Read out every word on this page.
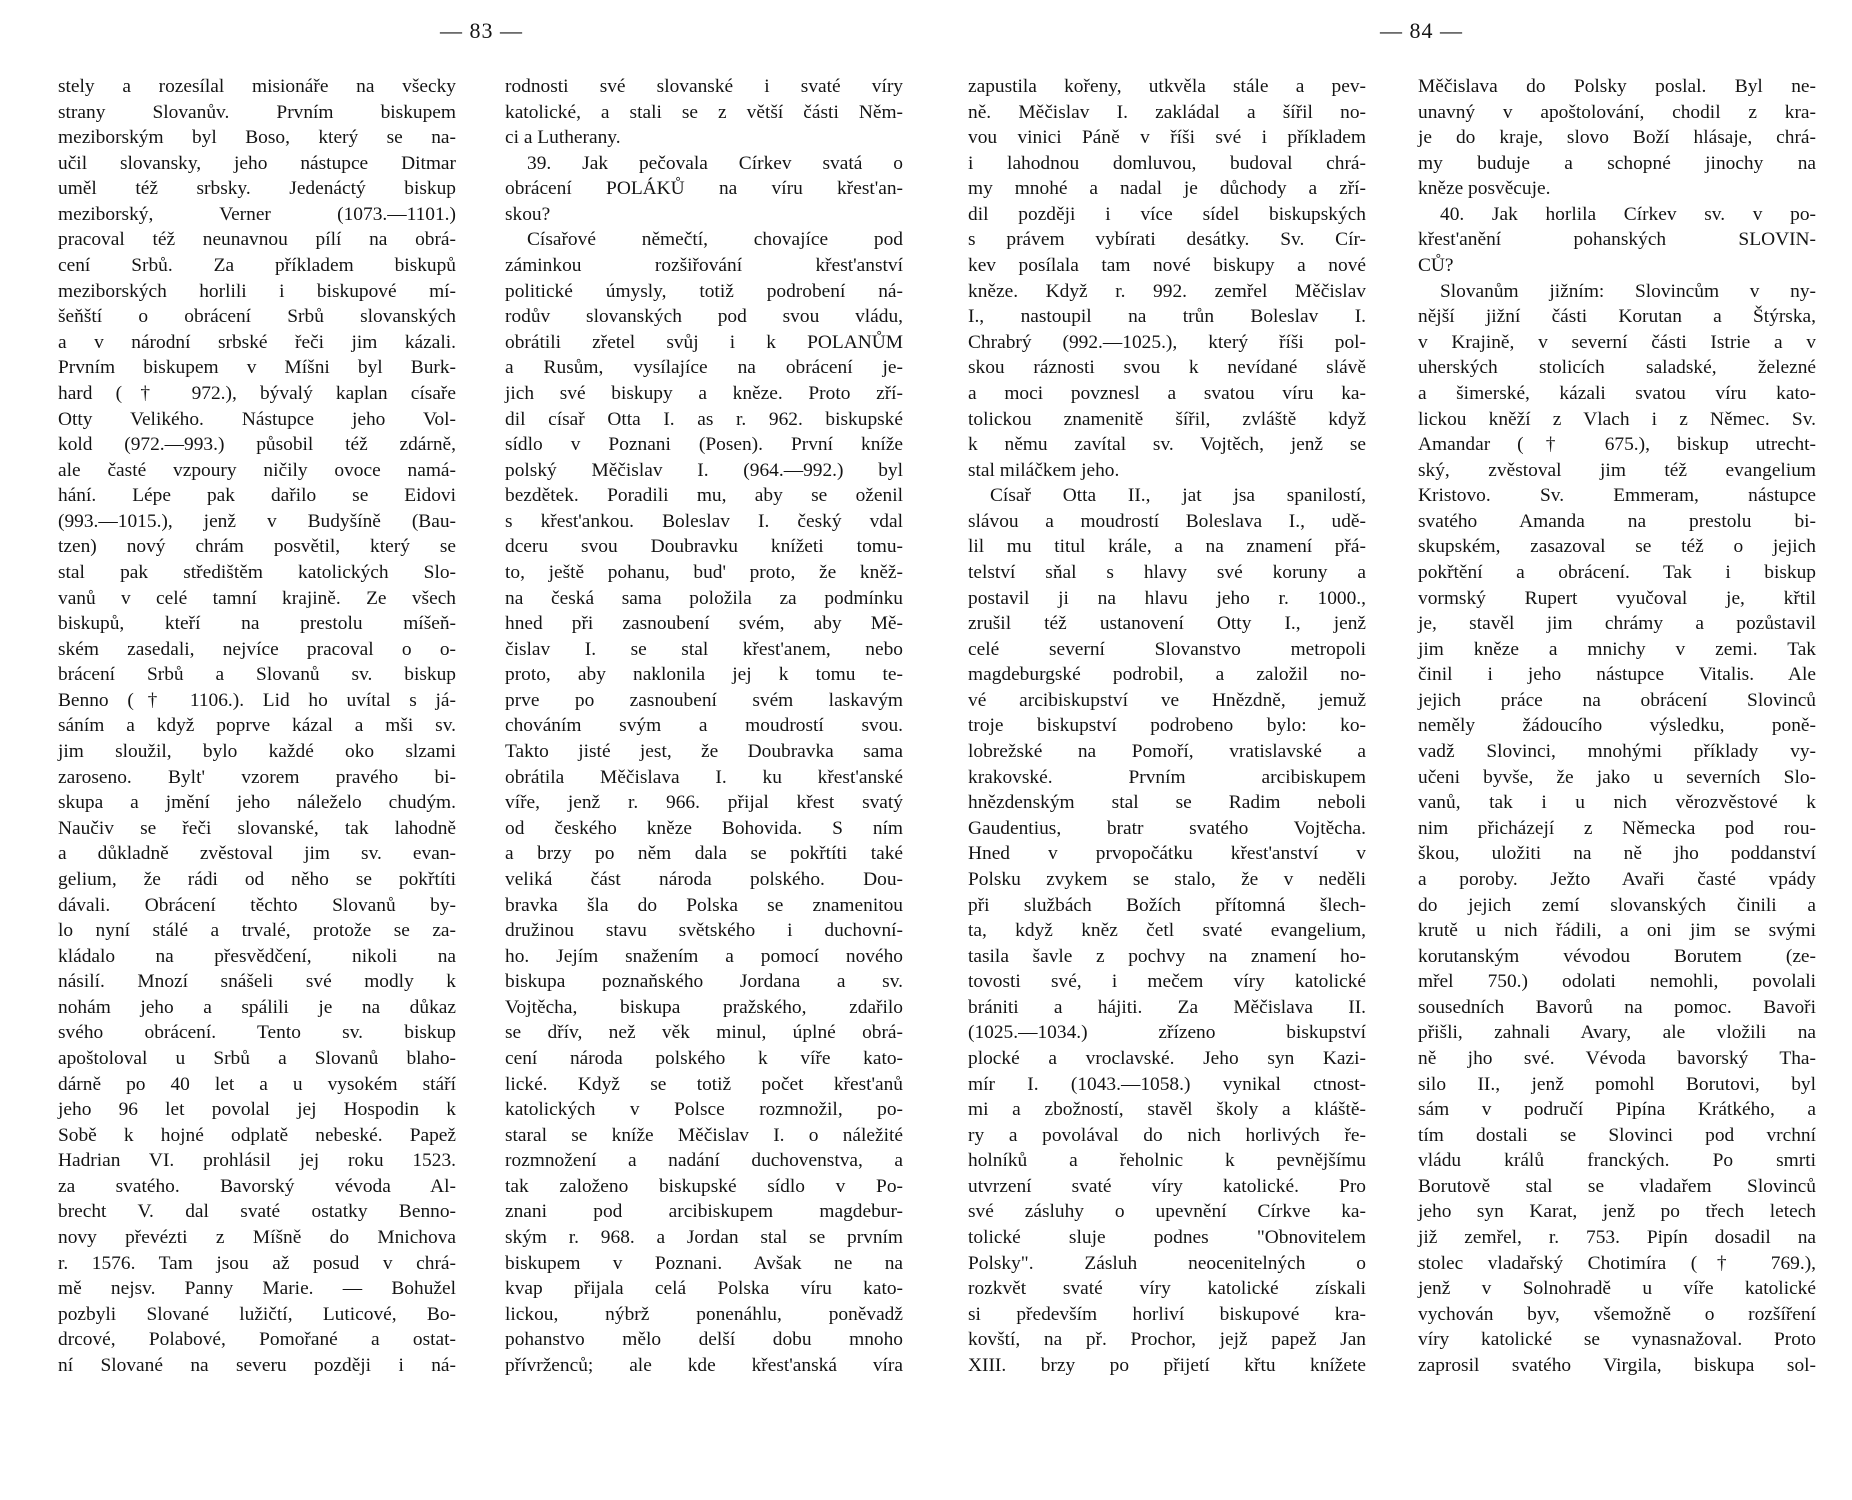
— 83 —	— 84 —
stely a rozesílal misionáře na všecky
strany Slovanův. Prvním biskupem
meziborským byl Boso, který se na-
učil slovansky, jeho nástupce Ditmar
uměl též srbsky. Jedenáctý biskup
meziborský, Verner (1073.—1101.)
pracoval též neunavnou pílí na obrá-
cení Srbů. Za příkladem biskupů
meziborských horlili i biskupové mí-
šeňští o obrácení Srbů slovanských
a v národní srbské řeči jim kázali.
Prvním biskupem v Míšni byl Burk-
hard († 972.), bývalý kaplan císaře
Otty Velikého. Nástupce jeho Vol-
kold (972.—993.) působil též zdárně,
ale časté vzpoury ničily ovoce namá-
hání. Lépe pak dařilo se Eidovi
(993.—1015.), jenž v Budyšíně (Bau-
tzen) nový chrám posvětil, který se
stal pak středištěm katolických Slo-
vanů v celé tamní krajině. Ze všech
biskupů, kteří na prestolu míšeň-
ském zasedali, nejvíce pracoval o o-
brácení Srbů a Slovanů sv. biskup
Benno († 1106.). Lid ho uvítal s já-
sáním a když poprve kázal a mši sv.
jim sloužil, bylo každé oko slzami
zaroseno. Bylt' vzorem pravého bi-
skupa a jmění jeho náleželo chudým.
Naučiv se řeči slovanské, tak lahodně
a důkladně zvěstoval jim sv. evan-
gelium, že rádi od něho se pokřtíti
dávali. Obrácení těchto Slovanů by-
lo nyní stálé a trvalé, protože se za-
kládalo na přesvědčení, nikoli na
násilí. Mnozí snášeli své modly k
nohám jeho a spálili je na důkaz
svého obrácení. Tento sv. biskup
apoštoloval u Srbů a Slovanů blaho-
dárně po 40 let a u vysokém stáří
jeho 96 let povolal jej Hospodin k
Sobě k hojné odplatě nebeské. Papež
Hadrian VI. prohlásil jej roku 1523.
za svatého. Bavorský vévoda Al-
brecht V. dal svaté ostatky Benno-
novy převézti z Míšně do Mnichova
r. 1576. Tam jsou až posud v chrá-
mě nejsv. Panny Marie. — Bohužel
pozbyli Slované lužičtí, Luticové, Bo-
drcové, Polabové, Pomořané a ostat-
ní Slované na severu později i ná-
rodnosti své slovanské i svaté víry
katolické, a stali se z větší části Něm-
ci a Lutherany.
39. Jak pečovala Církev svatá o
obrácení POLÁKŮ na víru křest'an-
skou?
Císařové němečtí, chovajíce pod
záminkou rozšiřování křest'anství
politické úmysly, totiž podrobení ná-
rodův slovanských pod svou vládu,
obrátili zřetel svůj i k POLANŮM
a Rusům, vysílajíce na obrácení je-
jich své biskupy a kněze. Proto zří-
dil císař Otta I. as r. 962. biskupské
sídlo v Poznani (Posen). První kníže
polský Měčislav I. (964.—992.) byl
bezdětek. Poradili mu, aby se oženil
s křest'ankou. Boleslav I. český vdal
dceru svou Doubravku knížeti tomu-
to, ještě pohanu, bud' proto, že kněž-
na česká sama položila za podmínku
hned při zasnoubení svém, aby Mě-
čislav I. se stal křest'anem, nebo
proto, aby naklonila jej k tomu te-
prve po zasnoubení svém laskavým
chováním svým a moudrostí svou.
Takto jisté jest, že Doubravka sama
obrátila Měčislava I. ku křest'anské
víře, jenž r. 966. přijal křest svatý
od českého kněze Bohovida. S ním
a brzy po něm dala se pokřtíti také
veliká část národa polského. Dou-
bravka šla do Polska se znamenitou
družinou stavu světského i duchovní-
ho. Jejím snažením a pomocí nového
biskupa poznaňského Jordana a sv.
Vojtěcha, biskupa pražského, zdařilo
se dřív, než věk minul, úplné obrá-
cení národa polského k víře kato-
lické. Když se totiž počet křest'anů
katolických v Polsce rozmnožil, po-
staral se kníže Měčislav I. o náležité
rozmnožení a nadání duchovenstva, a
tak založeno biskupské sídlo v Po-
znani pod arcibiskupem magdebur-
ským r. 968. a Jordan stal se prvním
biskupem v Poznani. Avšak ne na
kvap přijala celá Polska víru kato-
lickou, nýbrž ponenáhlu, poněvadž
pohanstvo mělo delší dobu mnoho
přívrženců; ale kde křest'anská víra
zapustila kořeny, utkvěla stále a pev-
ně. Měčislav I. zakládal a šířil no-
vou vinici Páně v říši své i příkladem
i lahodnou domluvou, budoval chrá-
my mnohé a nadal je důchody a zří-
dil později i více sídel biskupských
s právem vybírati desátky. Sv. Cír-
kev posílala tam nové biskupy a nové
kněze. Když r. 992. zemřel Měčislav
I., nastoupil na trůn Boleslav I.
Chrabrý (992.—1025.), který říši pol-
skou ráznosti svou k nevídané slávě
a moci povznesl a svatou víru ka-
tolickou znamenitě šířil, zvláště když
k němu zavítal sv. Vojtěch, jenž se
stal miláčkem jeho.
Císař Otta II., jat jsa spanilostí,
slávou a moudrostí Boleslava I., udě-
lil mu titul krále, a na znamení přá-
telství sňal s hlavy své koruny a
postavil ji na hlavu jeho r. 1000.,
zrušil též ustanovení Otty I., jenž
celé severní Slovanstvo metropoli
magdeburgské podrobil, a založil no-
vé arcibiskupství ve Hnězdně, jemuž
troje biskupství podrobeno bylo: ko-
lobrežské na Pomoří, vratislavské a
krakovské. Prvním arcibiskupem
hnězdenským stal se Radim neboli
Gaudentius, bratr svatého Vojtěcha.
Hned v prvopočátku křest'anství v
Polsku zvykem se stalo, že v neděli
při službách Božích přítomná šlech-
ta, když kněz četl svaté evangelium,
tasila šavle z pochvy na znamení ho-
tovosti své, i mečem víry katolické
brániti a hájiti. Za Měčislava II.
(1025.—1034.) zřízeno biskupství
plocké a vroclavské. Jeho syn Kazi-
mír I. (1043.—1058.) vynikal ctnost-
mi a zbožností, stavěl školy a kláště-
ry a povolával do nich horlivých ře-
holníků a řeholnic k pevnějšímu
utvrzení svaté víry katolické. Pro
své zásluhy o upevnění Církve ka-
tolické sluje podnes "Obnovitelem
Polsky". Zásluh neocenitelných o
rozkvět svaté víry katolické získali
si především horliví biskupové kra-
kovští, na př. Prochor, jejž papež Jan
XIII. brzy po přijetí křtu knížete
Měčislava do Polsky poslal. Byl ne-
unavný v apoštolování, chodil z kra-
je do kraje, slovo Boží hlásaje, chrá-
my buduje a schopné jinochy na
kněze posvěcuje.
40. Jak horlila Církev sv. v po-
křest'anění pohanských SLOVIN-
CŮ?
Slovanům jižním: Slovincům v ny-
nější jižní části Korutan a Štýrska,
v Krajině, v severní části Istrie a v
uherských stolicích saladské, železné
a šimerské, kázali svatou víru kato-
lickou kněží z Vlach i z Němec. Sv.
Amandar († 675.), biskup utrecht-
ský, zvěstoval jim též evangelium
Kristovo. Sv. Emmeram, nástupce
svatého Amanda na prestolu bi-
skupském, zasazoval se též o jejich
pokřtění a obrácení. Tak i biskup
vormský Rupert vyučoval je, křtil
je, stavěl jim chrámy a pozůstavil
jim kněze a mnichy v zemi. Tak
činil i jeho nástupce Vitalis. Ale
jejich práce na obrácení Slovinců
neměly žádoucího výsledku, poně-
vadž Slovinci, mnohými příklady vy-
učeni byvše, že jako u severních Slo-
vanů, tak i u nich věrozvěstové k
nim přicházejí z Německa pod rou-
škou, uložiti na ně jho poddanství
a poroby. Ježto Avaři časté vpády
do jejich zemí slovanských činili a
krutě u nich řádili, a oni jim se svými
korutanským vévodou Borutem (ze-
mřel 750.) odolati nemohli, povolali
sousedních Bavorů na pomoc. Bavoři
přišli, zahnali Avary, ale vložili na
ně jho své. Vévoda bavorský Tha-
silo II., jenž pomohl Borutovi, byl
sám v područí Pipína Krátkého, a
tím dostali se Slovinci pod vrchní
vládu králů franckých. Po smrti
Borutově stal se vladařem Slovinců
jeho syn Karat, jenž po třech letech
již zemřel, r. 753. Pipín dosadil na
stolec vladařský Chotimíra († 769.),
jenž v Solnohradě u víře katolické
vychován byv, všemožně o rozšíření
víry katolické se vynasnažoval. Proto
zaprosil svatého Virgila, biskupa sol-
